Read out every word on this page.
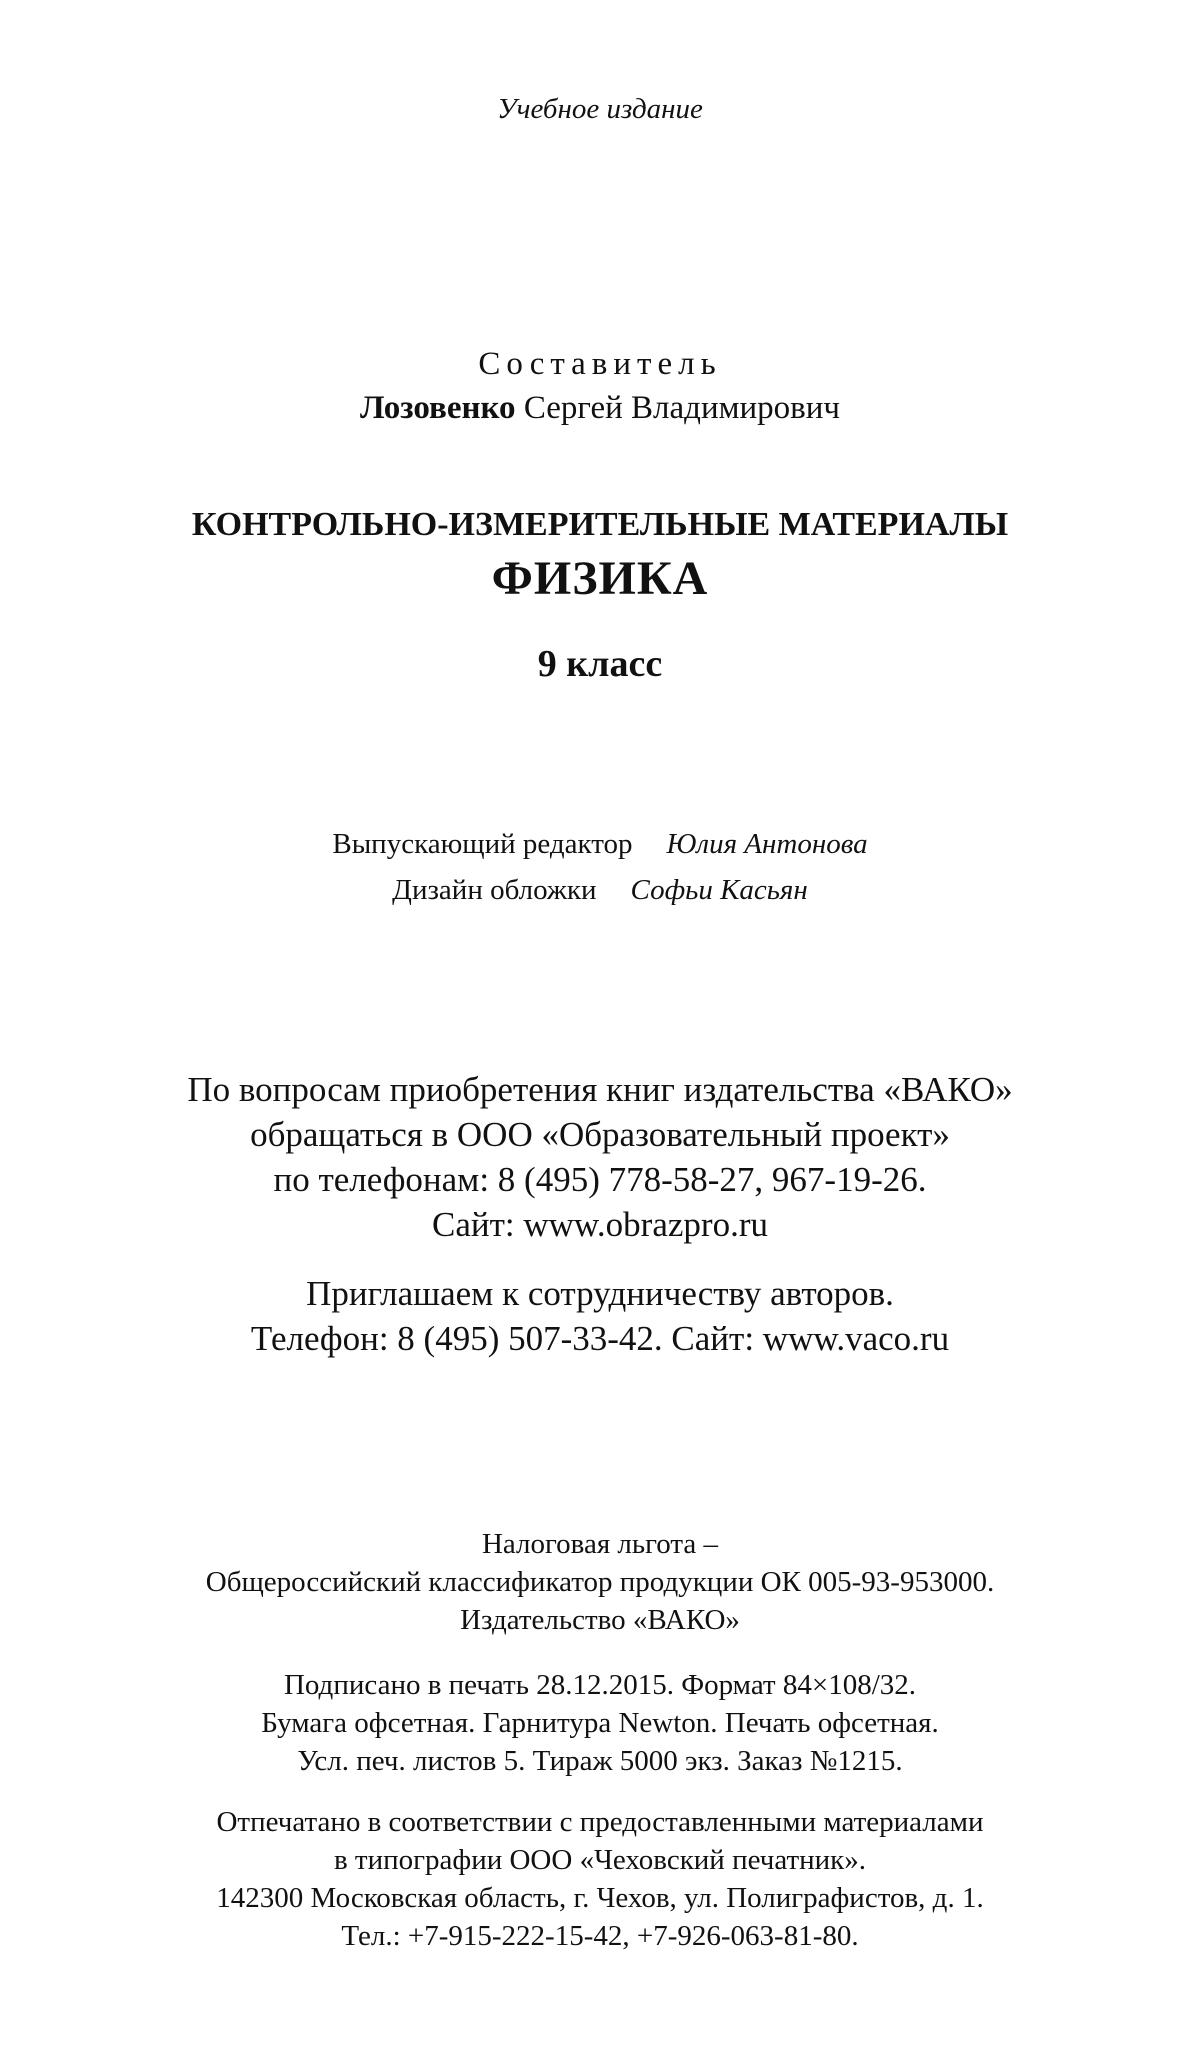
Учебное издание
Составитель
Лозовенко Сергей Владимирович
КОНТРОЛЬНО-ИЗМЕРИТЕЛЬНЫЕ МАТЕРИАЛЫ
ФИЗИКА
9 класс
Выпускающий редактор Юлия Антонова
Дизайн обложки Софьи Касьян
По вопросам приобретения книг издательства «ВАКО»
обращаться в ООО «Образовательный проект»
по телефонам: 8 (495) 778-58-27, 967-19-26.
Сайт: www.obrazpro.ru
Приглашаем к сотрудничеству авторов.
Телефон: 8 (495) 507-33-42. Сайт: www.vaco.ru
Налоговая льгота –
Общероссийский классификатор продукции ОК 005-93-953000.
Издательство «ВАКО»
Подписано в печать 28.12.2015. Формат 84×108/32.
Бумага офсетная. Гарнитура Newton. Печать офсетная.
Усл. печ. листов 5. Тираж 5000 экз. Заказ №1215.
Отпечатано в соответствии с предоставленными материалами
в типографии ООО «Чеховский печатник».
142300 Московская область, г. Чехов, ул. Полиграфистов, д. 1.
Тел.: +7-915-222-15-42, +7-926-063-81-80.
